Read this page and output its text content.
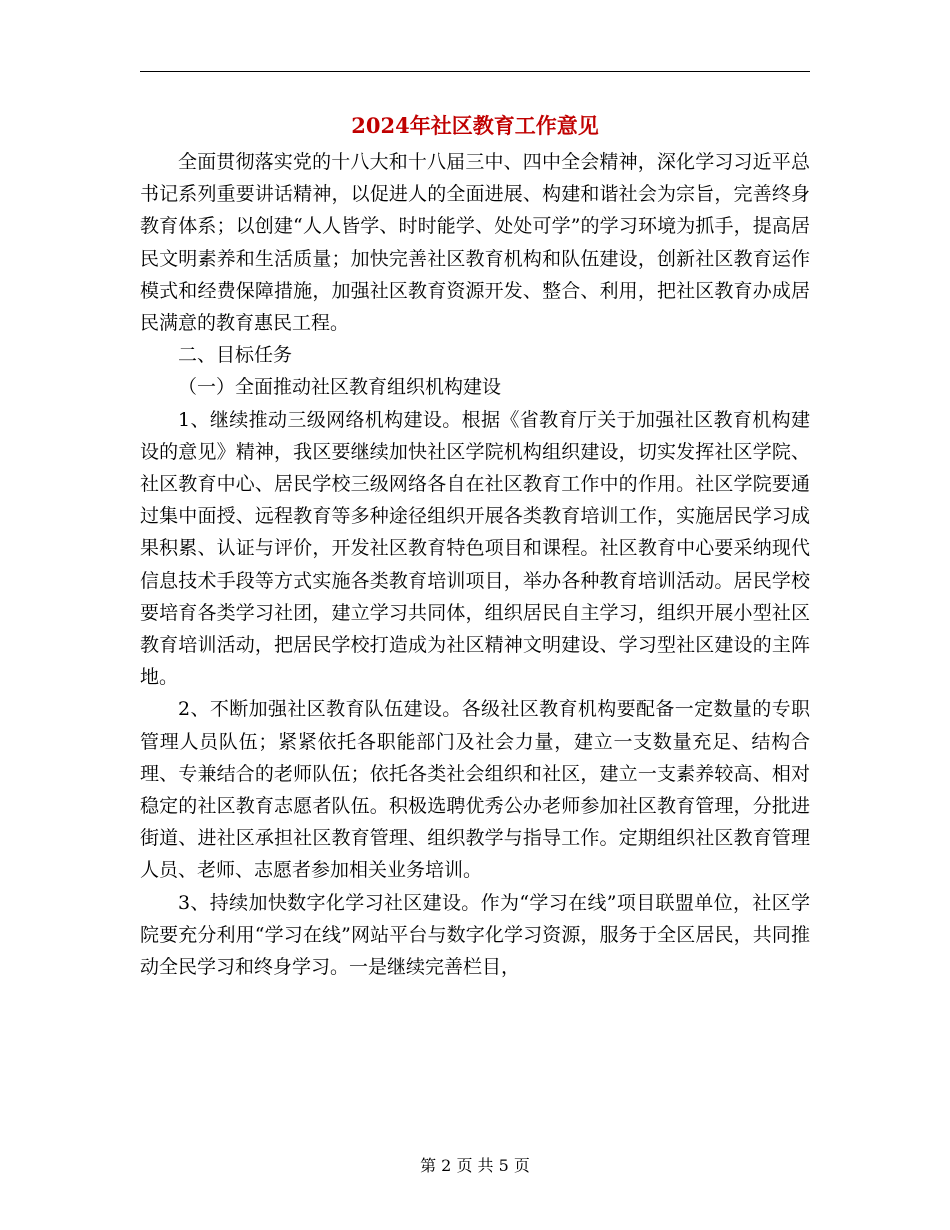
2024年社区教育工作意见

全面贯彻落实党的十八大和十八届三中、四中全会精神，深化学习习近平总书记系列重要讲话精神，以促进人的全面进展、构建和谐社会为宗旨，完善终身教育体系；以创建“人人皆学、时时能学、处处可学”的学习环境为抓手，提高居民文明素养和生活质量；加快完善社区教育机构和队伍建设，创新社区教育运作模式和经费保障措施，加强社区教育资源开发、整合、利用，把社区教育办成居民满意的教育惠民工程。

二、目标任务

（一）全面推动社区教育组织机构建设

1、继续推动三级网络机构建设。根据《省教育厅关于加强社区教育机构建设的意见》精神，我区要继续加快社区学院机构组织建设，切实发挥社区学院、社区教育中心、居民学校三级网络各自在社区教育工作中的作用。社区学院要通过集中面授、远程教育等多种途径组织开展各类教育培训工作，实施居民学习成果积累、认证与评价，开发社区教育特色项目和课程。社区教育中心要采纳现代信息技术手段等方式实施各类教育培训项目，举办各种教育培训活动。居民学校要培育各类学习社团，建立学习共同体，组织居民自主学习，组织开展小型社区教育培训活动，把居民学校打造成为社区精神文明建设、学习型社区建设的主阵地。

2、不断加强社区教育队伍建设。各级社区教育机构要配备一定数量的专职管理人员队伍；紧紧依托各职能部门及社会力量，建立一支数量充足、结构合理、专兼结合的老师队伍；依托各类社会组织和社区，建立一支素养较高、相对稳定的社区教育志愿者队伍。积极选聘优秀公办老师参加社区教育管理，分批进街道、进社区承担社区教育管理、组织教学与指导工作。定期组织社区教育管理人员、老师、志愿者参加相关业务培训。

3、持续加快数字化学习社区建设。作为“学习在线”项目联盟单位，社区学院要充分利用“学习在线”网站平台与数字化学习资源，服务于全区居民，共同推动全民学习和终身学习。一是继续完善栏目，

第 2 页 共 5 页
